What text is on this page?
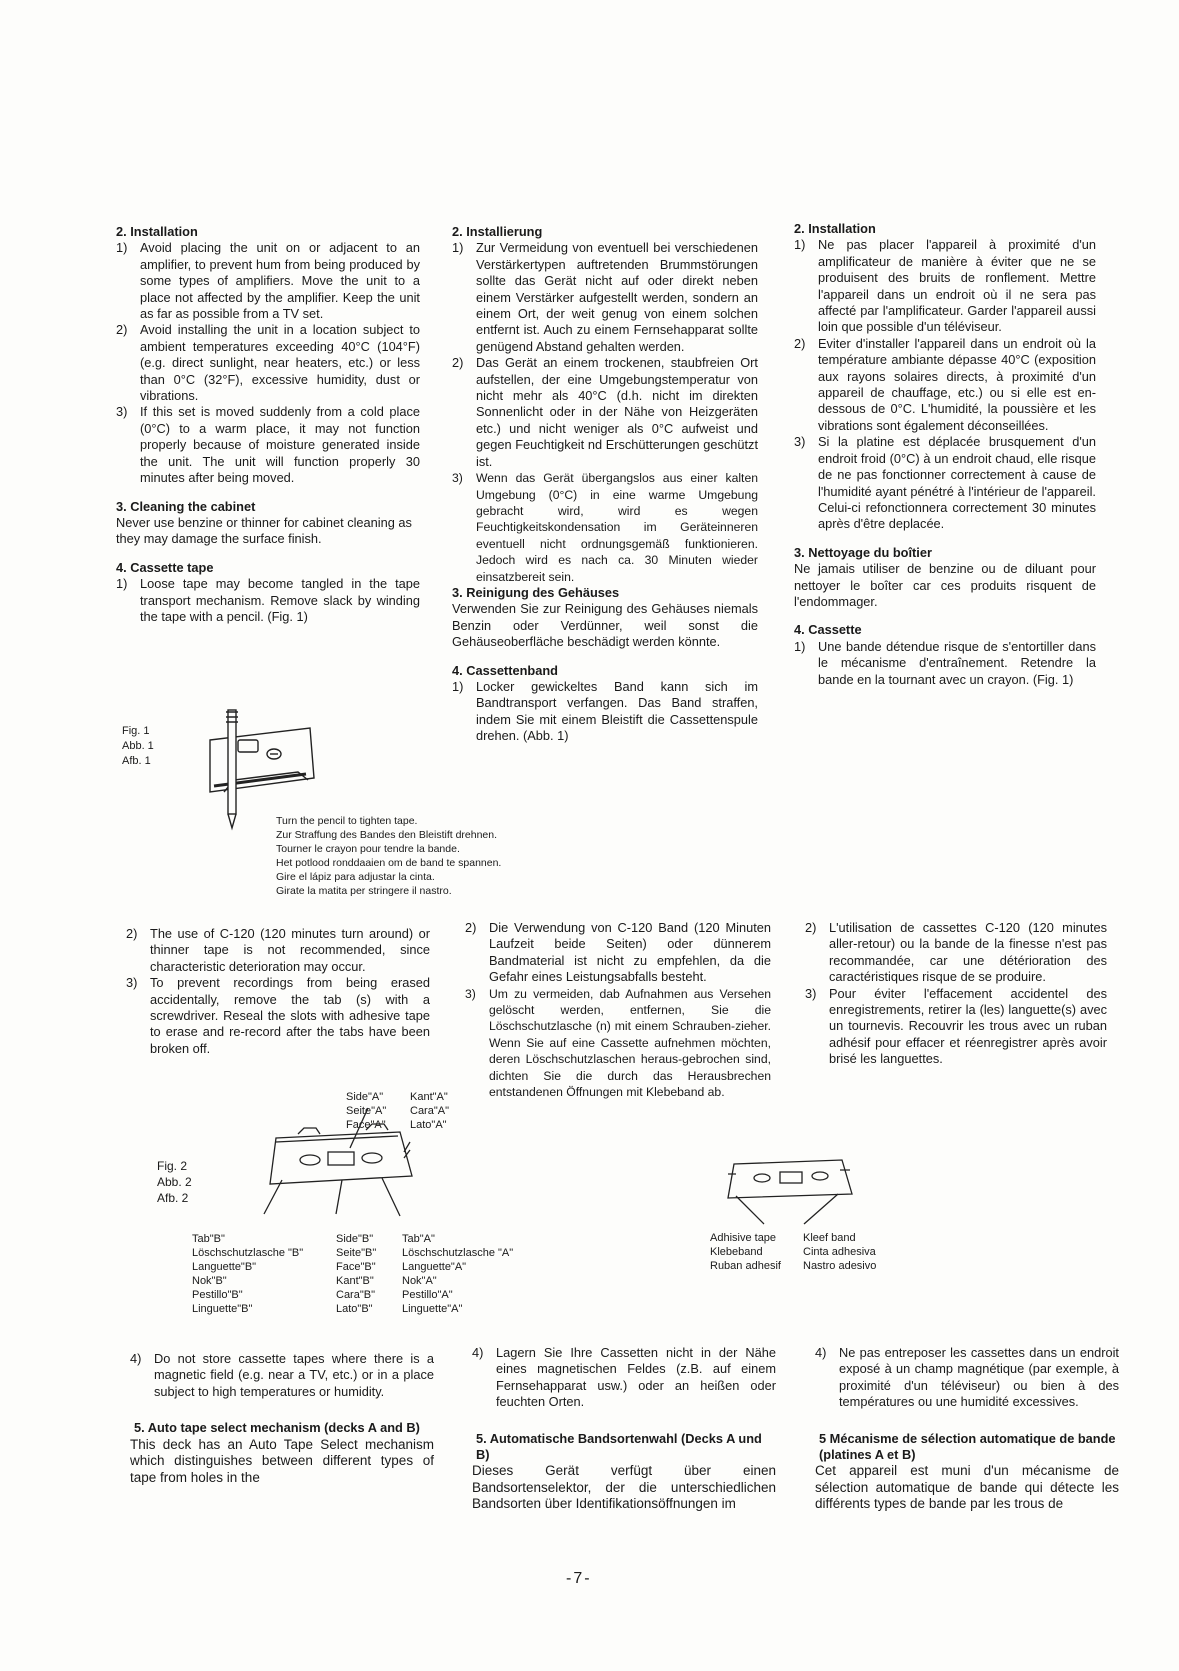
2. Installation

1) Avoid placing the unit on or adjacent to an amplifier, to prevent hum from being produced by some types of amplifiers. Move the unit to a place not affected by the amplifier. Keep the unit as far as possible from a TV set.
2) Avoid installing the unit in a location subject to ambient temperatures exceeding 40°C (104°F) (e.g. direct sunlight, near heaters, etc.) or less than 0°C (32°F), excessive humidity, dust or vibrations.
3) If this set is moved suddenly from a cold place (0°C) to a warm place, it may not function properly because of moisture generated inside the unit. The unit will function properly 30 minutes after being moved.

3. Cleaning the cabinet

Never use benzine or thinner for cabinet cleaning as they may damage the surface finish.

4. Cassette tape

1) Loose tape may become tangled in the tape transport mechanism. Remove slack by winding the tape with a pencil. (Fig. 1)

2. Installierung

1) Zur Vermeidung von eventuell bei verschiedenen Verstärkertypen auftretenden Brummstörungen sollte das Gerät nicht auf oder direkt neben einem Verstärker aufgestellt werden, sondern an einem Ort, der weit genug von einem solchen entfernt ist. Auch zu einem Fernsehapparat sollte genügend Abstand gehalten werden.
2) Das Gerät an einem trockenen, staubfreien Ort aufstellen, der eine Umgebungstemperatur von nicht mehr als 40°C (d.h. nicht im direkten Sonnenlicht oder in der Nähe von Heizgeräten etc.) und nicht weniger als 0°C aufweist und gegen Feuchtigkeit nd Erschütterungen geschützt ist.
3) Wenn das Gerät übergangslos aus einer kalten Umgebung (0°C) in eine warme Umgebung gebracht wird, wird es wegen Feuchtigkeitskondensation im Geräteinneren eventuell nicht ordnungsgemäß funktionieren. Jedoch wird es nach ca. 30 Minuten wieder einsatzbereit sein.

3. Reinigung des Gehäuses

Verwenden Sie zur Reinigung des Gehäuses niemals Benzin oder Verdünner, weil sonst die Gehäuseoberfläche beschädigt werden könnte.

4. Cassettenband

1) Locker gewickeltes Band kann sich im Bandtransport verfangen. Das Band straffen, indem Sie mit einem Bleistift die Cassettenspule drehen. (Abb. 1)

2. Installation

1) Ne pas placer l'appareil à proximité d'un amplificateur de manière à éviter que ne se produisent des bruits de ronflement. Mettre l'appareil dans un endroit où il ne sera pas affecté par l'amplificateur. Garder l'appareil aussi loin que possible d'un téléviseur.
2) Eviter d'installer l'appareil dans un endroit où la température ambiante dépasse 40°C (exposition aux rayons solaires directs, à proximité d'un appareil de chauffage, etc.) ou si elle est en-dessous de 0°C. L'humidité, la poussière et les vibrations sont également déconseillées.
3) Si la platine est déplacée brusquement d'un endroit froid (0°C) à un endroit chaud, elle risque de ne pas fonctionner correctement à cause de l'humidité ayant pénétré à l'intérieur de l'appareil. Celui-ci refonctionnera correctement 30 minutes après d'être deplacée.

3. Nettoyage du boîtier

Ne jamais utiliser de benzine ou de diluant pour nettoyer le boîter car ces produits risquent de l'endommager.

4. Cassette

1) Une bande détendue risque de s'entortiller dans le mécanisme d'entraînement. Retendre la bande en la tournant avec un crayon. (Fig. 1)
Fig. 1
Abb. 1
Afb. 1

Turn the pencil to tighten tape.

Zur Straffung des Bandes den Bleistift drehnen.

Tourner le crayon pour tendre la bande.

Het potlood ronddaaien om de band te spannen.

Gire el lápiz para adjustar la cinta.

Girate la matita per stringere il nastro.

2) The use of C-120 (120 minutes turn around) or thinner tape is not recommended, since characteristic deterioration may occur.
3) To prevent recordings from being erased accidentally, remove the tab (s) with a screwdriver. Reseal the slots with adhesive tape to erase and re-record after the tabs have been broken off.
2) Die Verwendung von C-120 Band (120 Minuten Laufzeit beide Seiten) oder dünnerem Bandmaterial ist nicht zu empfehlen, da die Gefahr eines Leistungsabfalls besteht.
3) Um zu vermeiden, dab Aufnahmen aus Versehen gelöscht werden, entfernen, Sie die Löschschutzlasche (n) mit einem Schrauben-zieher. Wenn Sie auf eine Cassette aufnehmen möchten, deren Löschschutzlaschen heraus-gebrochen sind, dichten Sie die durch das Herausbrechen entstandenen Öffnungen mit Klebeband ab.
2) L'utilisation de cassettes C-120 (120 minutes aller-retour) ou la bande de la finesse n'est pas recommandée, car une détérioration des caractéristiques risque de se produire.
3) Pour éviter l'effacement accidentel des enregistrements, retirer la (les) languette(s) avec un tournevis. Recouvrir les trous avec un ruban adhésif pour effacer et réenregistrer après avoir brisé les languettes.
Side"A"
Seite"A"
Face"A"
Kant"A"
Cara"A"
Lato"A"
Fig. 2
Abb. 2
Afb. 2
Tab"B"
Löschschutzlasche "B"
Languette"B"
Nok"B"
Pestillo"B"
Linguette"B"
Side"B"
Seite"B"
Face"B"
Kant"B"
Cara"B"
Lato"B"
Tab"A"
Löschschutzlasche "A"
Languette"A"
Nok"A"
Pestillo"A"
Linguette"A"
Adhisive tape
Klebeband
Ruban adhesif
Kleef band
Cinta adhesiva
Nastro adesivo
4) Do not store cassette tapes where there is a magnetic field (e.g. near a TV, etc.) or in a place subject to high temperatures or humidity.

5. Auto tape select mechanism (decks A and B)

This deck has an Auto Tape Select mechanism which distinguishes between different types of tape from holes in the

4) Lagern Sie Ihre Cassetten nicht in der Nähe eines magnetischen Feldes (z.B. auf einem Fernsehapparat usw.) oder an heißen oder feuchten Orten.

5. Automatische Bandsortenwahl (Decks A und B)

Dieses Gerät verfügt über einen Bandsortenselektor, der die unterschiedlichen Bandsorten über Identifikationsöffnungen im

4) Ne pas entreposer les cassettes dans un endroit exposé à un champ magnétique (par exemple, à proximité d'un téléviseur) ou bien à des températures ou une humidité excessives.

5 Mécanisme de sélection automatique de bande (platines A et B)

Cet appareil est muni d'un mécanisme de sélection automatique de bande qui détecte les différents types de bande par les trous de

-7-
